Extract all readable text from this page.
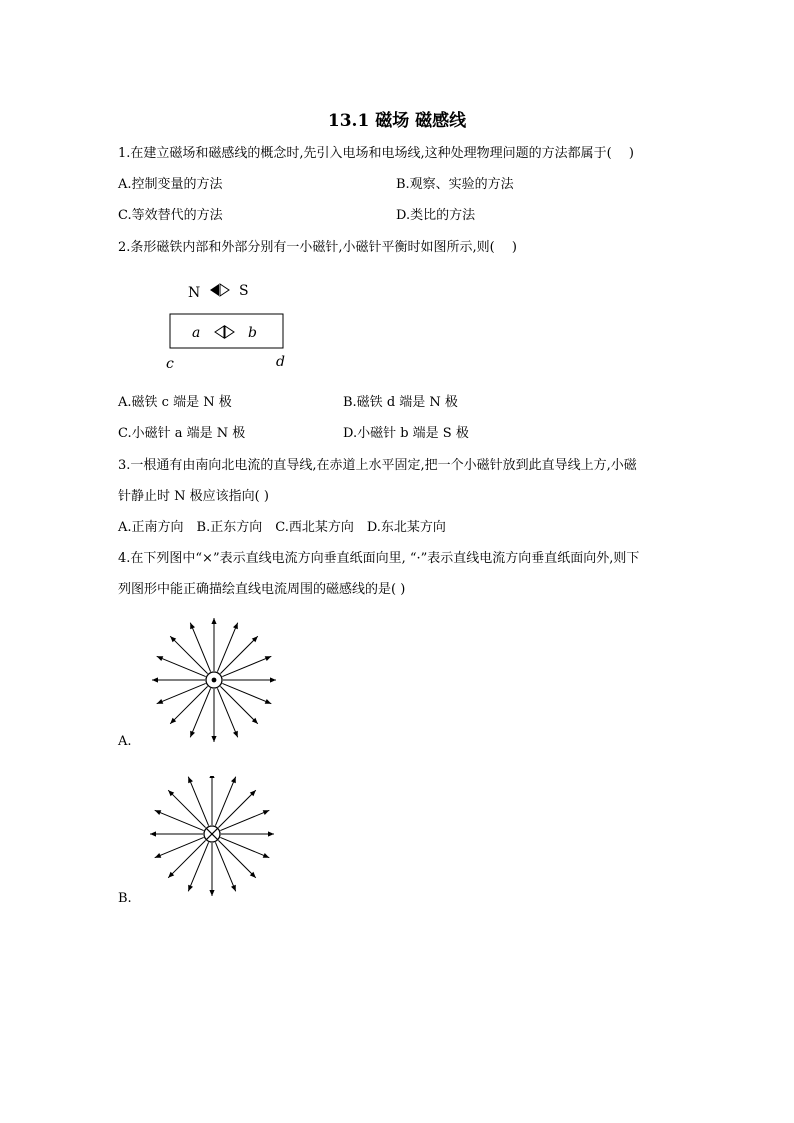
13.1 磁场 磁感线
1.在建立磁场和磁感线的概念时,先引入电场和电场线,这种处理物理问题的方法都属于(　 )
A.控制变量的方法	B.观察、实验的方法
C.等效替代的方法	D.类比的方法
2.条形磁铁内部和外部分别有一小磁针,小磁针平衡时如图所示,则(　 )
N	S
a	b
c	d
A.磁铁 c 端是 N 极	B.磁铁 d 端是 N 极
C.小磁针 a 端是 N 极	D.小磁针 b 端是 S 极
3.一根通有由南向北电流的直导线,在赤道上水平固定,把一个小磁针放到此直导线上方,小磁
针静止时 N 极应该指向( )
A.正南方向　B.正东方向　C.西北某方向　D.东北某方向
4.在下列图中“×”表示直线电流方向垂直纸面向里, “·”表示直线电流方向垂直纸面向外,则下
列图形中能正确描绘直线电流周围的磁感线的是( )
A.
B.
